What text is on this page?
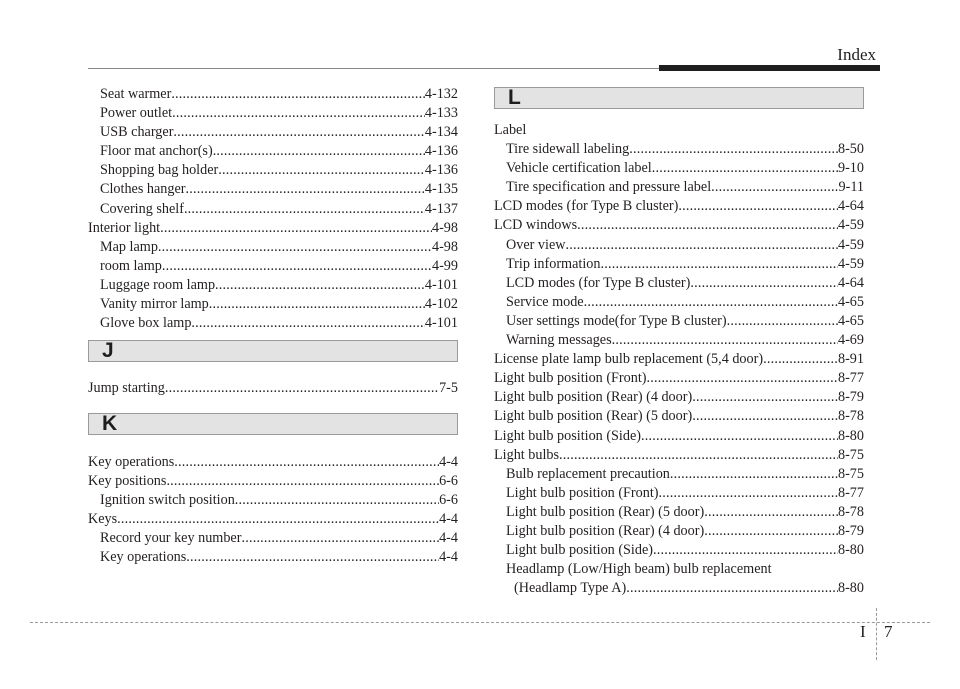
Index
Seat warmer .....	4-132
Power outlet .....	4-133
USB charger .....	4-134
Floor mat anchor(s) .....	4-136
Shopping bag holder .....	4-136
Clothes hanger .....	4-135
Covering shelf .....	4-137
Interior light .....	4-98
Map lamp .....	4-98
room lamp .....	4-99
Luggage room lamp .....	4-101
Vanity mirror lamp .....	4-102
Glove box lamp .....	4-101
J
Jump starting .....	7-5
K
Key operations .....	4-4
Key positions .....	6-6
Ignition switch position .....	6-6
Keys .....	4-4
Record your key number .....	4-4
Key operations .....	4-4
L
Label
Tire sidewall labeling .....	8-50
Vehicle certification label .....	9-10
Tire specification and pressure label .....	9-11
LCD modes (for Type B cluster) .....	4-64
LCD windows .....	4-59
Over view .....	4-59
Trip information .....	4-59
LCD modes (for Type B cluster) .....	4-64
Service mode .....	4-65
User settings mode(for Type B cluster) .....	4-65
Warning messages .....	4-69
License plate lamp bulb replacement (5,4 door) .....	8-91
Light bulb position (Front) .....	8-77
Light bulb position (Rear) (4 door) .....	8-79
Light bulb position (Rear) (5 door) .....	8-78
Light bulb position (Side) .....	8-80
Light bulbs .....	8-75
Bulb replacement precaution .....	8-75
Light bulb position (Front) .....	8-77
Light bulb position (Rear) (5 door) .....	8-78
Light bulb position (Rear) (4 door) .....	8-79
Light bulb position (Side) .....	8-80
Headlamp (Low/High beam) bulb replacement
(Headlamp Type A) .....	8-80
I 7
